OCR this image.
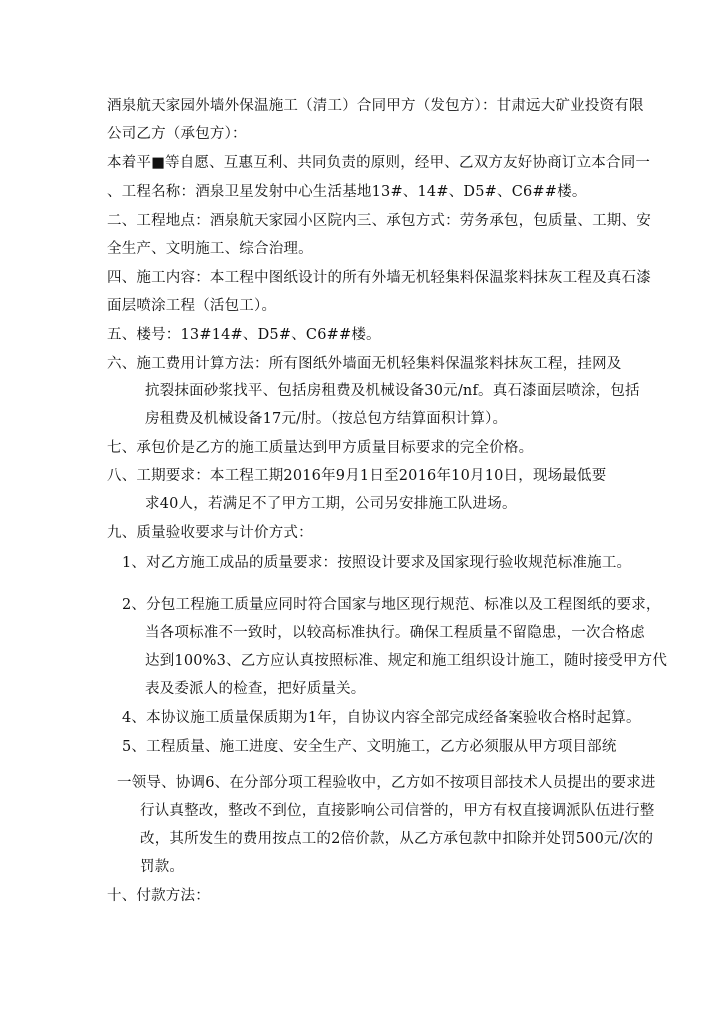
酒泉航天家园外墙外保温施工（清工）合同甲方（发包方）：甘肃远大矿业投资有限
公司乙方（承包方）：
本着平■等自愿、互惠互利、共同负责的原则，经甲、乙双方友好协商订立本合同一
、工程名称：酒泉卫星发射中心生活基地13#、14#、D5#、C6##楼。
二、工程地点：酒泉航天家园小区院内三、承包方式：劳务承包，包质量、工期、安
全生产、文明施工、综合治理。
四、施工内容：本工程中图纸设计的所有外墙无机轻集料保温浆料抹灰工程及真石漆
面层喷涂工程（活包工）。
五、楼号：13#14#、D5#、C6##楼。
六、施工费用计算方法：所有图纸外墙面无机轻集料保温浆料抹灰工程，挂网及
抗裂抹面砂浆找平、包括房租费及机械设备30元/nf。真石漆面层喷涂，包括
房租费及机械设备17元/肘。（按总包方结算面积计算）。
七、承包价是乙方的施工质量达到甲方质量目标要求的完全价格。
八、工期要求：本工程工期2016年9月1日至2016年10月10日，现场最低要
求40人，若满足不了甲方工期，公司另安排施工队进场。
九、质量验收要求与计价方式：
1、对乙方施工成品的质量要求：按照设计要求及国家现行验收规范标准施工。
2、分包工程施工质量应同时符合国家与地区现行规范、标准以及工程图纸的要求，
当各项标准不一致时，以较高标准执行。确保工程质量不留隐患，一次合格虑
达到100%3、乙方应认真按照标准、规定和施工组织设计施工，随时接受甲方代
表及委派人的检查，把好质量关。
4、本协议施工质量保质期为1年，自协议内容全部完成经备案验收合格时起算。
5、工程质量、施工进度、安全生产、文明施工，乙方必须服从甲方项目部统
一领导、协调6、在分部分项工程验收中，乙方如不按项目部技术人员提出的要求进
行认真整改，整改不到位，直接影响公司信誉的，甲方有权直接调派队伍进行整
改，其所发生的费用按点工的2倍价款，从乙方承包款中扣除并处罚500元/次的
罚款。
十、付款方法：
